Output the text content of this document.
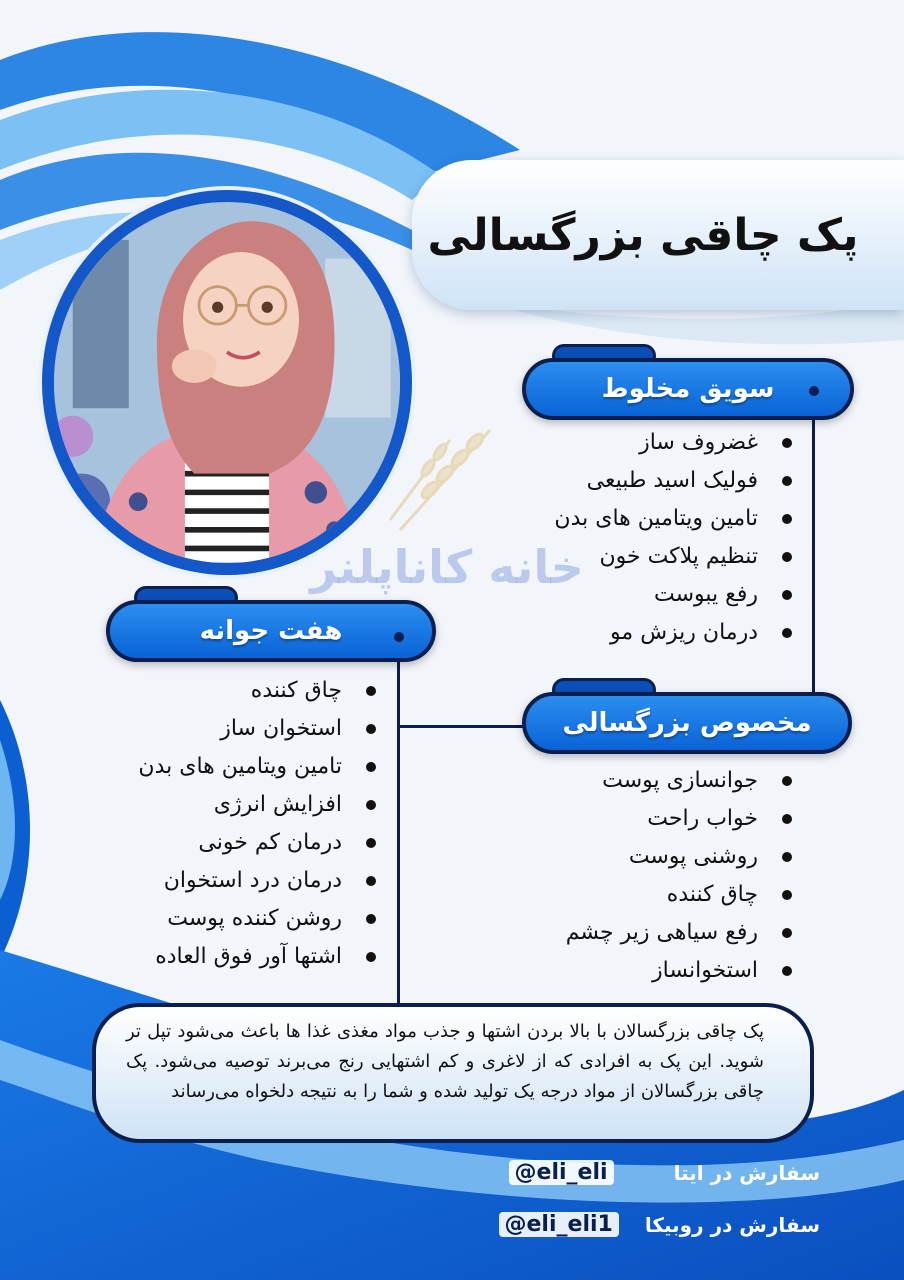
پک چاقی بزرگسالی
خانه کاناپلنر
سویق مخلوط
غضروف ساز
فولیک اسید طبیعی
تامین ویتامین های بدن
تنظیم پلاکت خون
رفع یبوست
درمان ریزش مو
هفت جوانه
چاق کننده
استخوان ساز
تامین ویتامین های بدن
افزایش انرژی
درمان کم خونی
درمان درد استخوان
روشن کننده پوست
اشتها آور فوق العاده
مخصوص بزرگسالی
جوانسازی پوست
خواب راحت
روشنی پوست
چاق کننده
رفع سیاهی زیر چشم
استخوانساز

پک چاقی بزرگسالان با بالا بردن اشتها و جذب مواد مغذی غذا ها باعث می‌شود تپل تر شوید. این پک به افرادی که از لاغری و کم اشتهایی رنج می‌برند توصیه می‌شود. پک چاقی بزرگسالان از مواد درجه یک تولید شده و شما را به نتیجه دلخواه می‌رساند

سفارش در ایتا
@eli_eli
سفارش در روبیکا
@eli_eli1
